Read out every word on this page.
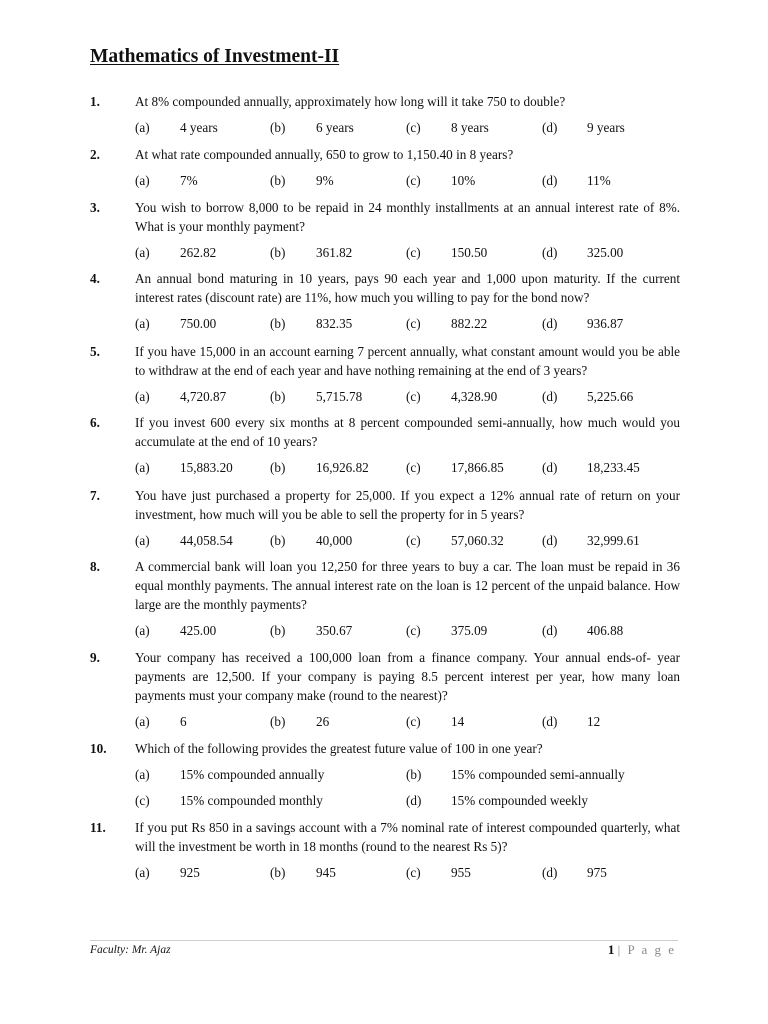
Mathematics of Investment-II
1.	At 8% compounded annually, approximately how long will it take 750 to double?
(a) 4 years	(b) 6 years	(c) 8 years	(d) 9 years
2.	At what rate compounded annually, 650 to grow to 1,150.40 in 8 years?
(a) 7%	(b) 9%	(c) 10%	(d) 11%
3.	You wish to borrow 8,000 to be repaid in 24 monthly installments at an annual interest rate of 8%. What is your monthly payment?
(a) 262.82	(b) 361.82	(c) 150.50	(d) 325.00
4.	An annual bond maturing in 10 years, pays 90 each year and 1,000 upon maturity. If the current interest rates (discount rate) are 11%, how much you willing to pay for the bond now?
(a) 750.00	(b) 832.35	(c) 882.22	(d) 936.87
5.	If you have 15,000 in an account earning 7 percent annually, what constant amount would you be able to withdraw at the end of each year and have nothing remaining at the end of 3 years?
(a) 4,720.87	(b) 5,715.78	(c) 4,328.90	(d) 5,225.66
6.	If you invest 600 every six months at 8 percent compounded semi-annually, how much would you accumulate at the end of 10 years?
(a) 15,883.20	(b) 16,926.82	(c) 17,866.85	(d) 18,233.45
7.	You have just purchased a property for 25,000. If you expect a 12% annual rate of return on your investment, how much will you be able to sell the property for in 5 years?
(a) 44,058.54	(b) 40,000	(c) 57,060.32	(d) 32,999.61
8.	A commercial bank will loan you 12,250 for three years to buy a car. The loan must be repaid in 36 equal monthly payments. The annual interest rate on the loan is 12 percent of the unpaid balance. How large are the monthly payments?
(a) 425.00	(b) 350.67	(c) 375.09	(d) 406.88
9.	Your company has received a 100,000 loan from a finance company. Your annual ends-of- year payments are 12,500. If your company is paying 8.5 percent interest per year, how many loan payments must your company make (round to the nearest)?
(a) 6	(b) 26	(c) 14	(d) 12
10. Which of the following provides the greatest future value of 100 in one year?
(a) 15% compounded annually	(b) 15% compounded semi-annually
(c) 15% compounded monthly	(d) 15% compounded weekly
11. If you put Rs 850 in a savings account with a 7% nominal rate of interest compounded quarterly, what will the investment be worth in 18 months (round to the nearest Rs 5)?
(a) 925	(b) 945	(c) 955	(d) 975
Faculty: Mr. Ajaz	1 | P a g e
